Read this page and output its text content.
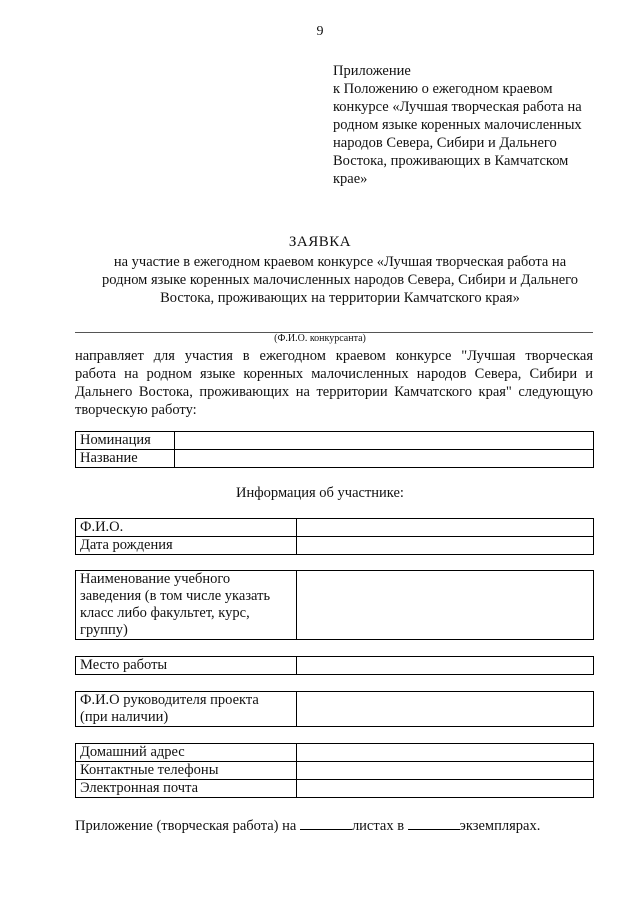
9
Приложение
к Положению о ежегодном краевом
конкурсе «Лучшая творческая работа на
родном языке коренных малочисленных
народов Севера, Сибири и Дальнего
Востока, проживающих в Камчатском
крае»
ЗАЯВКА
на участие в ежегодном краевом конкурсе «Лучшая творческая работа на
родном языке коренных малочисленных народов Севера, Сибири и Дальнего
Востока, проживающих на территории Камчатского края»
(Ф.И.О. конкурсанта)
направляет для участия в ежегодном краевом конкурсе "Лучшая творческая
работа на родном языке коренных малочисленных народов Севера, Сибири и
Дальнего Востока, проживающих на территории Камчатского края" следующую
творческую работу:
Номинация	
Название	
Информация об участнике:
Ф.И.О.	
Дата рождения	
Наименование учебного
заведения (в том числе указать
класс либо факультет, курс,
группу)

Место работы	
Ф.И.О руководителя проекта
(при наличии)

Домашний адрес	
Контактные телефоны	
Электронная почта	
Приложение (творческая работа) на	листах в	экземплярах.
